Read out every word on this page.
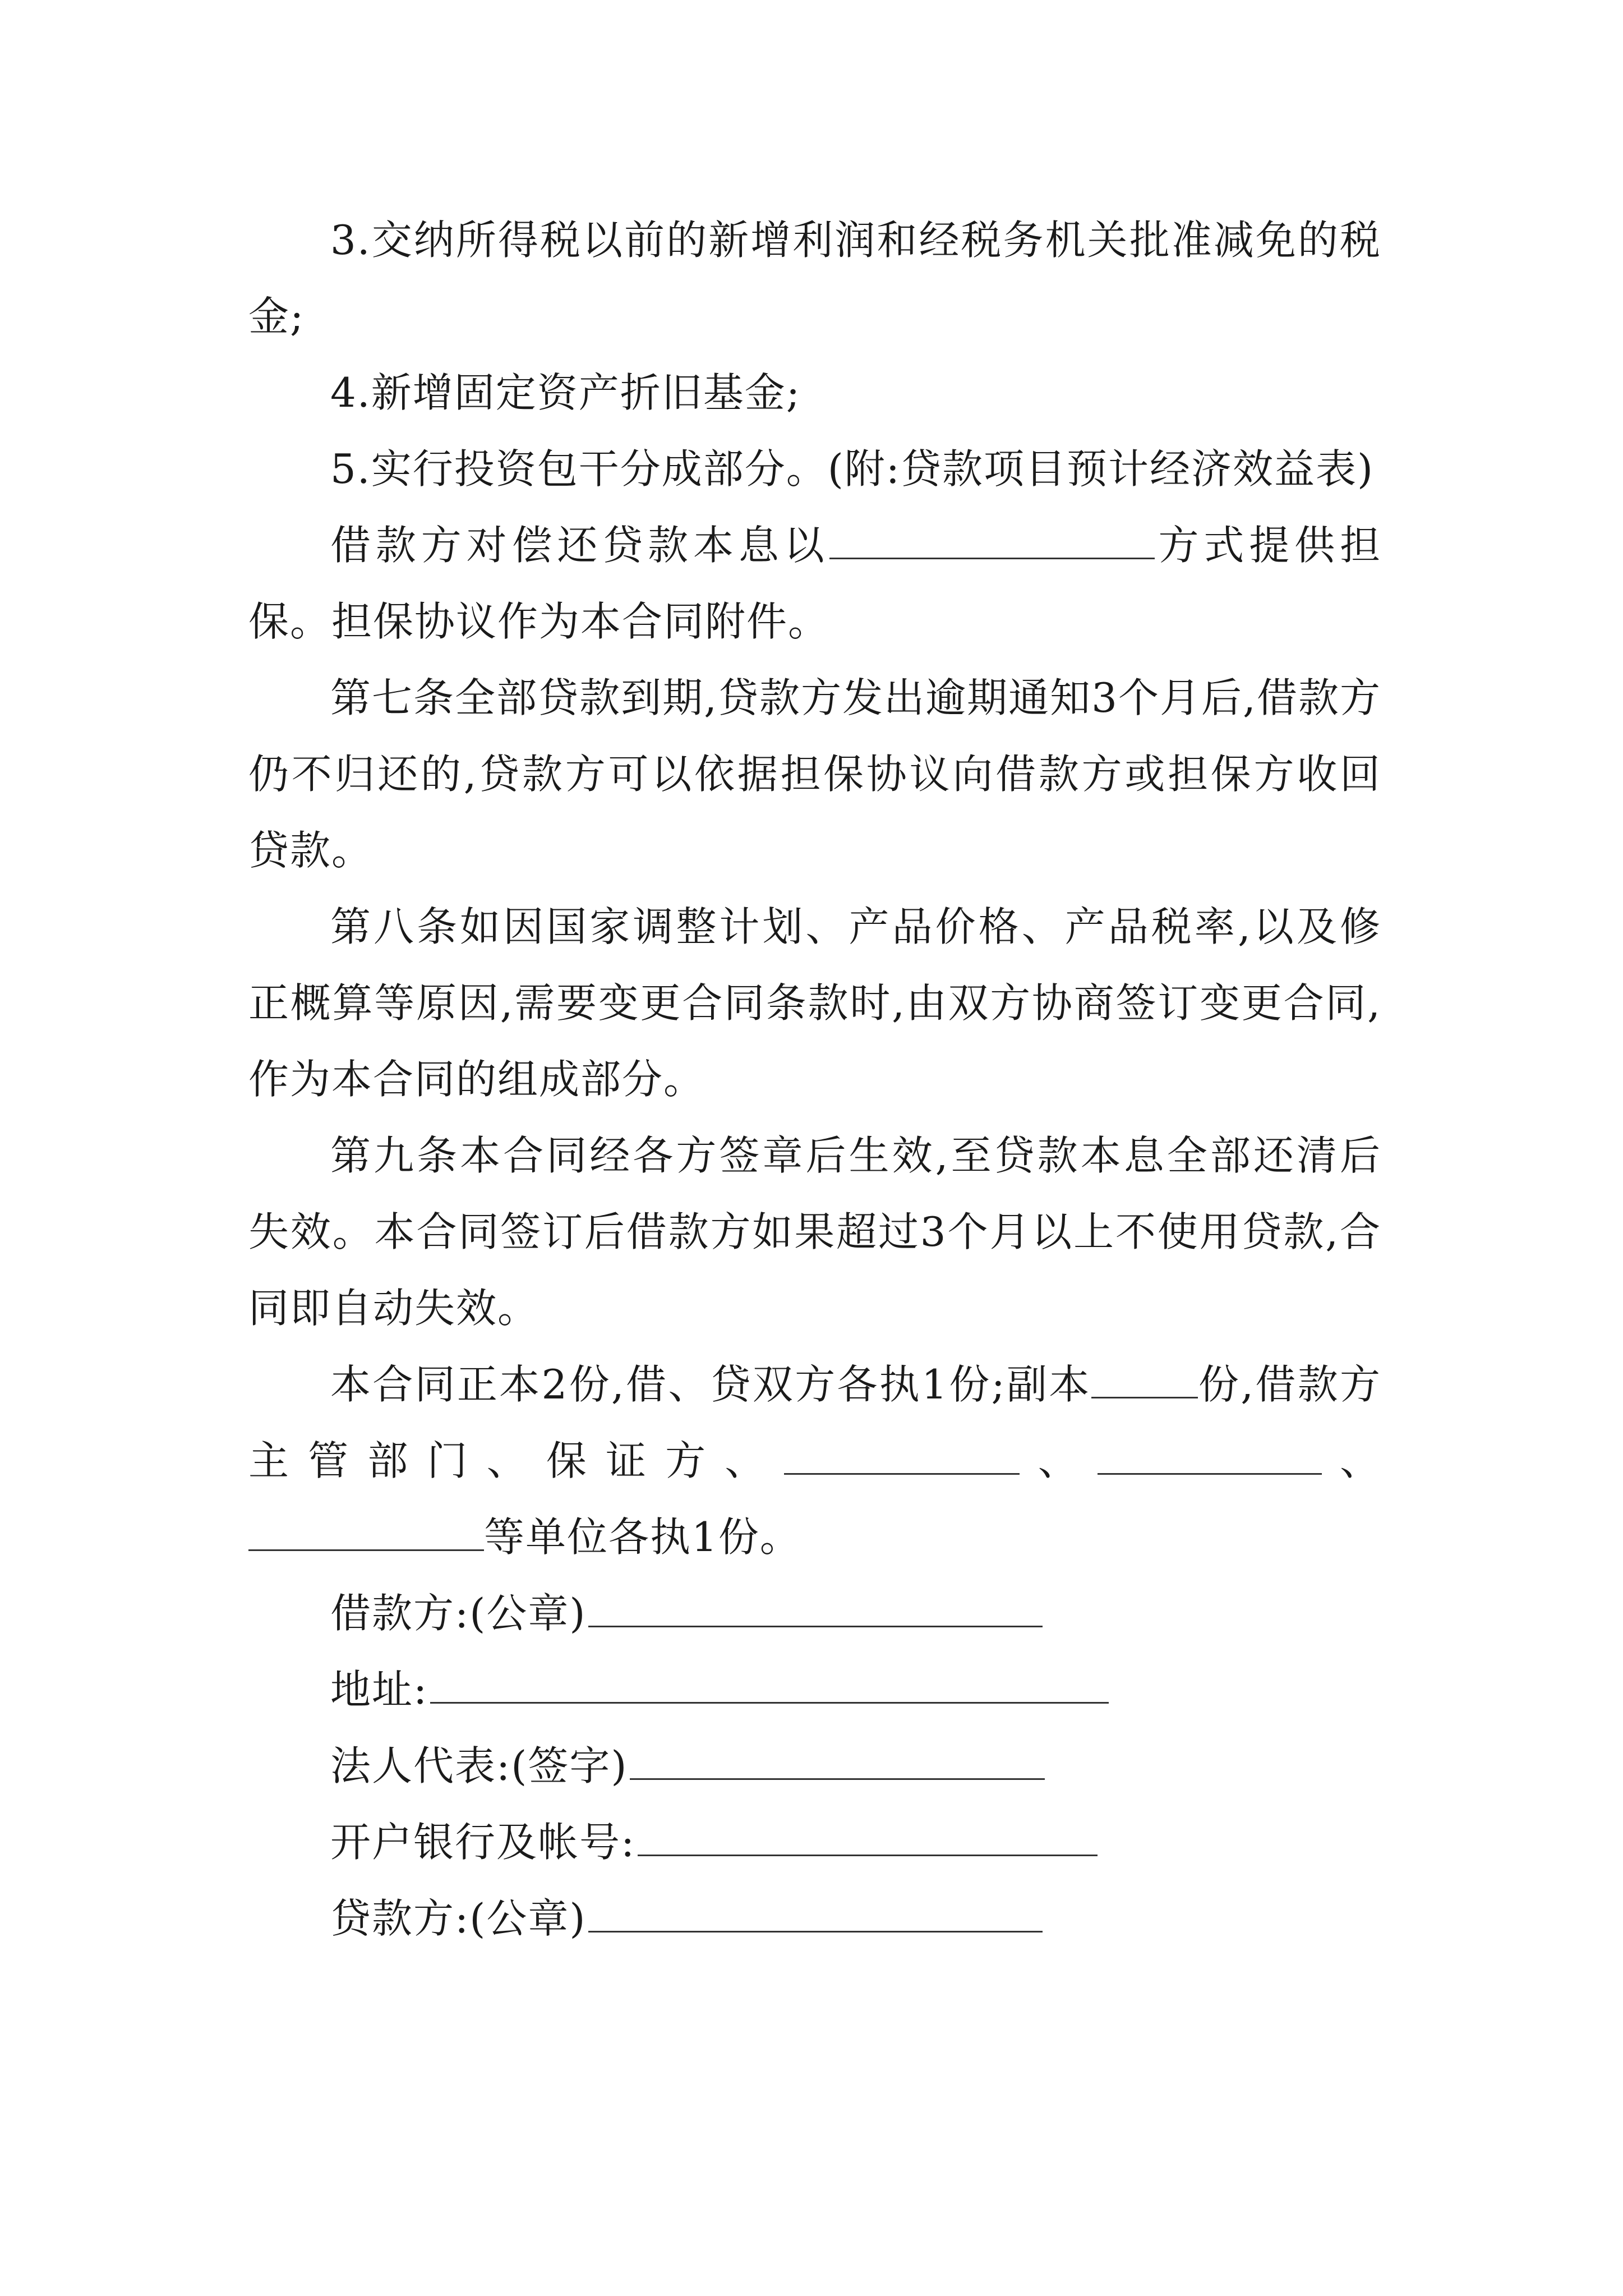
3.交纳所得税以前的新增利润和经税务机关批准减免的税金;

4.新增固定资产折旧基金;

5.实行投资包干分成部分。(附:贷款项目预计经济效益表)

借款方对偿还贷款本息以	方式提供担保。担保协议作为本合同附件。

第七条全部贷款到期,贷款方发出逾期通知3个月后,借款方仍不归还的,贷款方可以依据担保协议向借款方或担保方收回贷款。

第八条如因国家调整计划、产品价格、产品税率,以及修正概算等原因,需要变更合同条款时,由双方协商签订变更合同,作为本合同的组成部分。

第九条本合同经各方签章后生效,至贷款本息全部还清后失效。本合同签订后借款方如果超过3个月以上不使用贷款,合同即自动失效。

本合同正本2份,借、贷双方各执1份;副本	份,借款方主管部门、保证方、	、	、等单位各执1份。

借款方:(公章)

地址:

法人代表:(签字)

开户银行及帐号:

贷款方:(公章)
